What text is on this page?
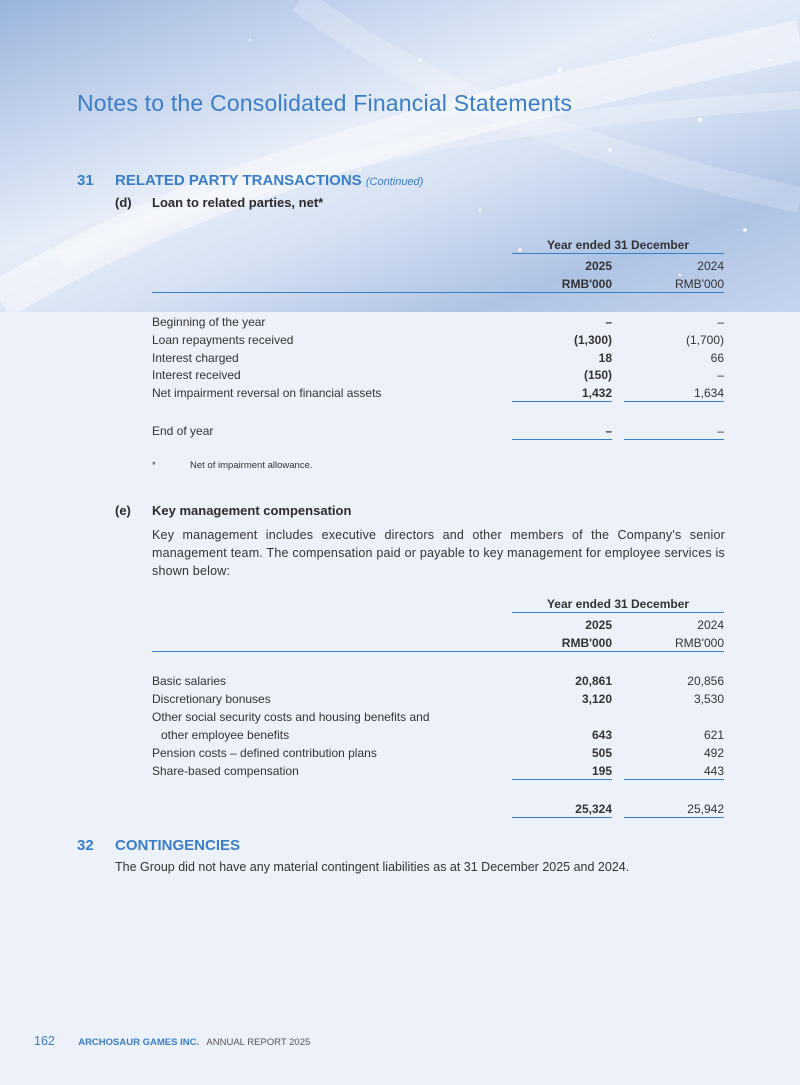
Notes to the Consolidated Financial Statements
31 RELATED PARTY TRANSACTIONS (Continued)
(d) Loan to related parties, net*
Year ended 31 December
2025	2024
RMB'000	RMB'000
Beginning of the year	–	–
Loan repayments received	(1,300)	(1,700)
Interest charged	18	66
Interest received	(150)	–
Net impairment reversal on financial assets	1,432	1,634
End of year	–	–
*	Net of impairment allowance.
(e) Key management compensation

Key management includes executive directors and other members of the Company's senior management team. The compensation paid or payable to key management for employee services is shown below:

Year ended 31 December
2025	2024
RMB'000	RMB'000
Basic salaries	20,861	20,856
Discretionary bonuses	3,120	3,530
Other social security costs and housing benefits and
other employee benefits	643	621
Pension costs – defined contribution plans	505	492
Share-based compensation	195	443
25,324	25,942
32 CONTINGENCIES

The Group did not have any material contingent liabilities as at 31 December 2025 and 2024.

162 ARCHOSAUR GAMES INC. ANNUAL REPORT 2025
